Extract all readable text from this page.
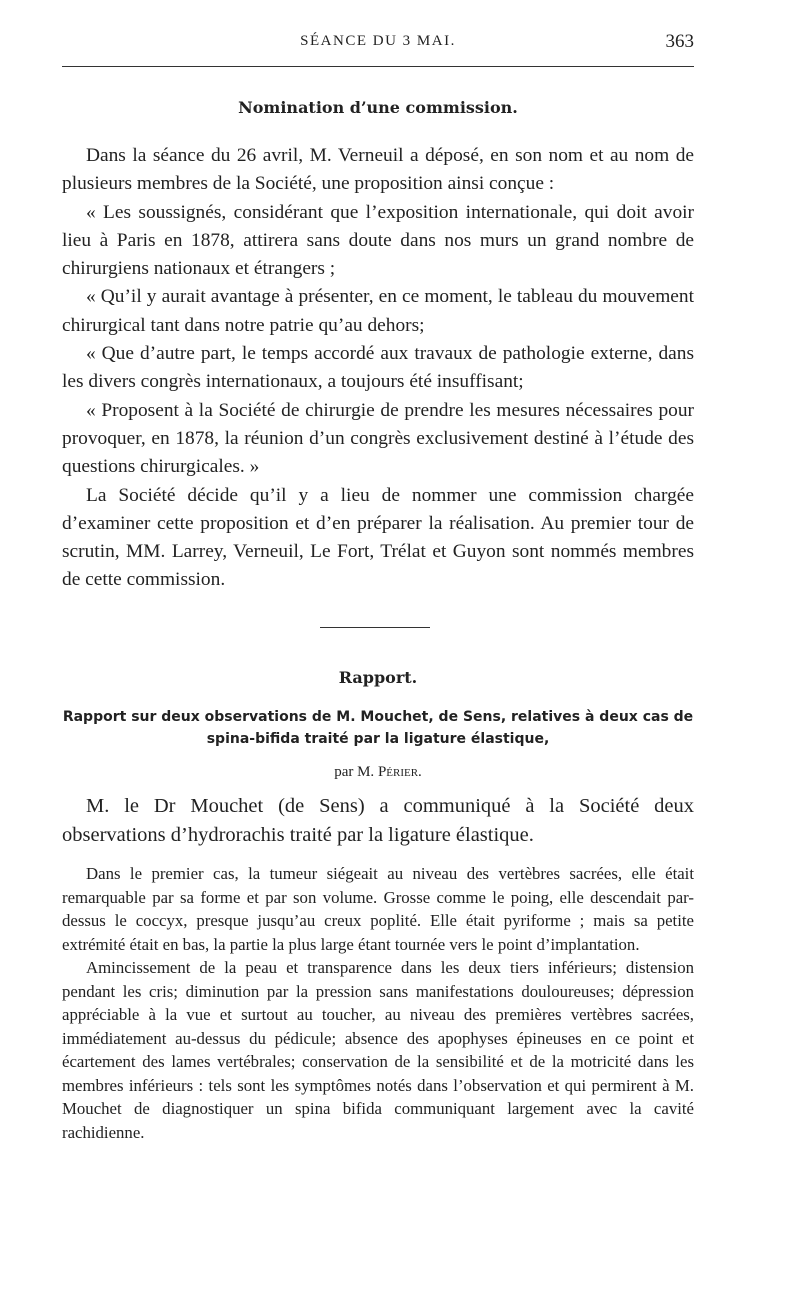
SÉANCE DU 3 MAI.	363
Nomination d’une commission.

Dans la séance du 26 avril, M. Verneuil a déposé, en son nom et au nom de plusieurs membres de la Société, une proposition ainsi conçue :

« Les soussignés, considérant que l’exposition internationale, qui doit avoir lieu à Paris en 1878, attirera sans doute dans nos murs un grand nombre de chirurgiens nationaux et étrangers ;

« Qu’il y aurait avantage à présenter, en ce moment, le tableau du mouvement chirurgical tant dans notre patrie qu’au dehors;

« Que d’autre part, le temps accordé aux travaux de pathologie externe, dans les divers congrès internationaux, a toujours été insuffisant;

« Proposent à la Société de chirurgie de prendre les mesures nécessaires pour provoquer, en 1878, la réunion d’un congrès exclusivement destiné à l’étude des questions chirurgicales. »

La Société décide qu’il y a lieu de nommer une commission chargée d’examiner cette proposition et d’en préparer la réalisation. Au premier tour de scrutin, MM. Larrey, Verneuil, Le Fort, Trélat et Guyon sont nommés membres de cette commission.

Rapport.
Rapport sur deux observations de M. Mouchet, de Sens, relatives à deux cas de spina-bifida traité par la ligature élastique,
par M. Périer.

M. le Dr Mouchet (de Sens) a communiqué à la Société deux observations d’hydrorachis traité par la ligature élastique.

Dans le premier cas, la tumeur siégeait au niveau des vertèbres sacrées, elle était remarquable par sa forme et par son volume. Grosse comme le poing, elle descendait par-dessus le coccyx, presque jusqu’au creux poplité. Elle était pyriforme ; mais sa petite extrémité était en bas, la partie la plus large étant tournée vers le point d’implantation.

Amincissement de la peau et transparence dans les deux tiers inférieurs; distension pendant les cris; diminution par la pression sans manifestations douloureuses; dépression appréciable à la vue et surtout au toucher, au niveau des premières vertèbres sacrées, immédiatement au-dessus du pédicule; absence des apophyses épineuses en ce point et écartement des lames vertébrales; conservation de la sensibilité et de la motricité dans les membres inférieurs : tels sont les symptômes notés dans l’observation et qui permirent à M. Mouchet de diagnostiquer un spina bifida communiquant largement avec la cavité rachidienne.
